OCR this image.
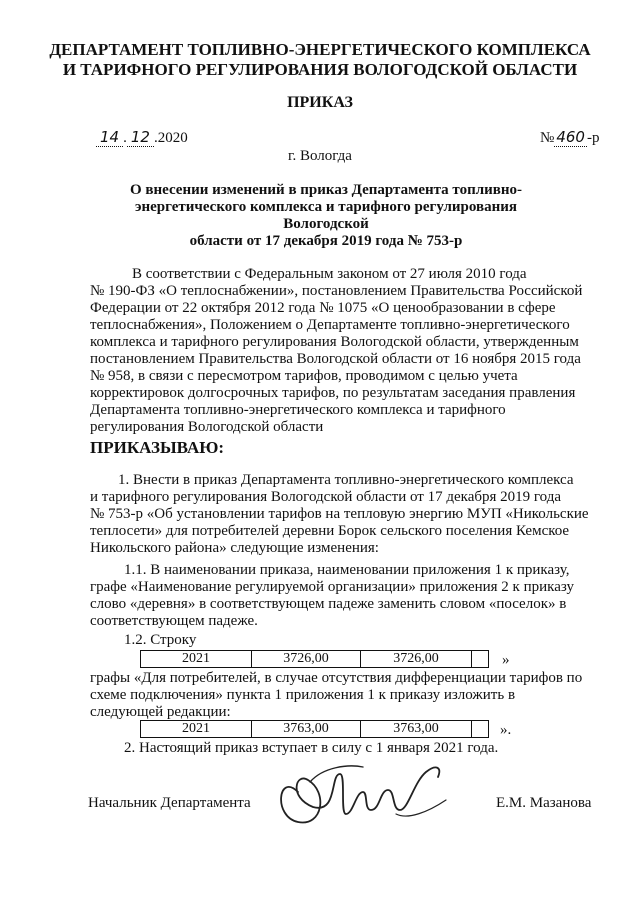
ДЕПАРТАМЕНТ ТОПЛИВНО-ЭНЕРГЕТИЧЕСКОГО КОМПЛЕКСА
И ТАРИФНОГО РЕГУЛИРОВАНИЯ ВОЛОГОДСКОЙ ОБЛАСТИ
ПРИКАЗ
14 . 12 .2020	№ 460 -р
г. Вологда
О внесении изменений в приказ Департамента топливно-
энергетического комплекса и тарифного регулирования Вологодской
области от 17 декабря 2019 года № 753-р
В соответствии с Федеральным законом от 27 июля 2010 года
№ 190-ФЗ «О теплоснабжении», постановлением Правительства Российской
Федерации от 22 октября 2012 года № 1075 «О ценообразовании в сфере
теплоснабжения», Положением о Департаменте топливно-энергетического
комплекса и тарифного регулирования Вологодской области, утвержденным
постановлением Правительства Вологодской области от 16 ноября 2015 года
№ 958, в связи с пересмотром тарифов, проводимом с целью учета
корректировок долгосрочных тарифов, по результатам заседания правления
Департамента топливно-энергетического комплекса и тарифного
регулирования Вологодской области
ПРИКАЗЫВАЮ:
1. Внести в приказ Департамента топливно-энергетического комплекса
и тарифного регулирования Вологодской области от 17 декабря 2019 года
№ 753-р «Об установлении тарифов на тепловую энергию МУП «Никольские
теплосети» для потребителей деревни Борок сельского поселения Кемское
Никольского района» следующие изменения:
1.1. В наименовании приказа, наименовании приложения 1 к приказу,
графе «Наименование регулируемой организации» приложения 2 к приказу
слово «деревня» в соответствующем падеже заменить словом «поселок» в
соответствующем падеже.
1.2. Строку
2021	3726,00	3726,00		»
графы «Для потребителей, в случае отсутствия дифференциации тарифов по
схеме подключения» пункта 1 приложения 1 к приказу изложить в
следующей редакции:
2021	3763,00	3763,00		».
2. Настоящий приказ вступает в силу с 1 января 2021 года.
Начальник Департамента	Е.М. Мазанова
